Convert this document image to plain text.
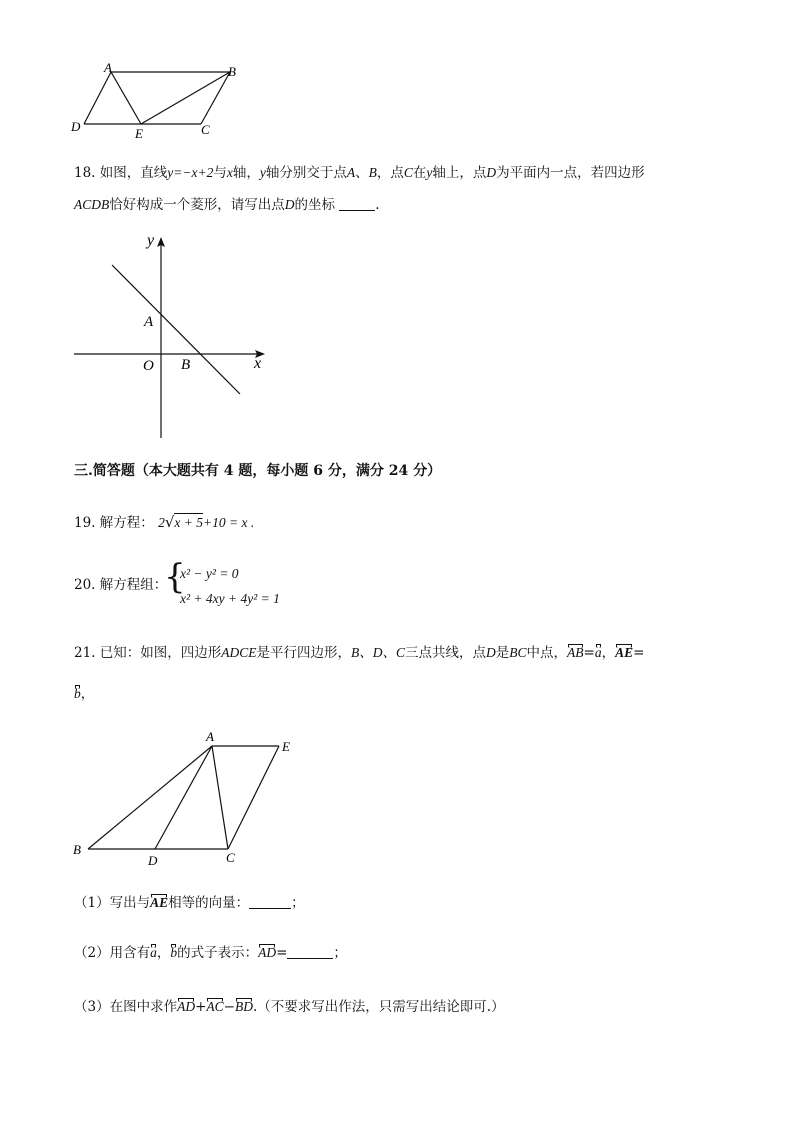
A	B
D	E	C
18. 如图，直线y=−x+2与x轴，y轴分别交于点A、B，点C在y轴上，点D为平面内一点，若四边形
ACDB恰好构成一个菱形，请写出点D的坐标	.
y
x
A
O B
三.简答题（本大题共有 4 题，每小题 6 分，满分 24 分）
19. 解方程： 2√x + 5+10 = x .
20. 解方程组：
{
x² − y² = 0
x² + 4xy + 4y² = 1
21. 已知：如图，四边形ADCE是平行四边形，B、D、C三点共线，点D是BC中点，AB=a，AE=
b，
A
E
B
D	C
（1）写出与AE相等的向量：	；
（2）用含有a，b的式子表示：AD=	；
（3）在图中求作AD+AC−BD.（不要求写出作法，只需写出结论即可.）
